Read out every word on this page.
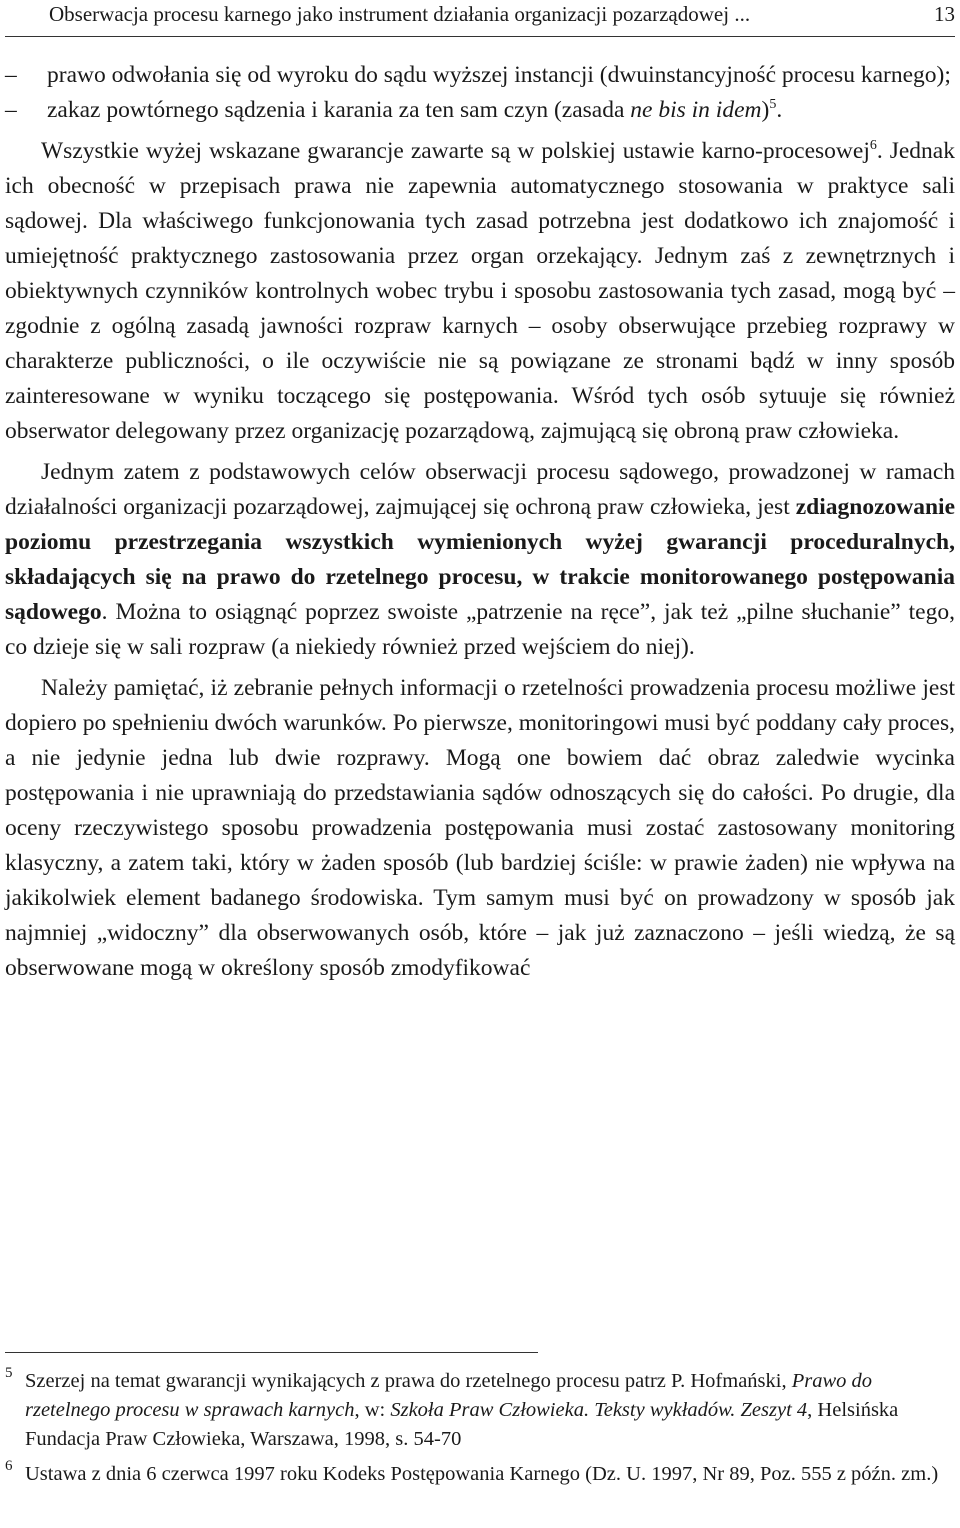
Obserwacja procesu karnego jako instrument działania organizacji pozarządowej ...	13

– prawo odwołania się od wyroku do sądu wyższej instancji (dwuinstancyjność procesu karnego);

– zakaz powtórnego sądzenia i karania za ten sam czyn (zasada ne bis in idem)$^5$.

Wszystkie wyżej wskazane gwarancje zawarte są w polskiej ustawie karno-procesowej$^6$. Jednak ich obecność w przepisach prawa nie zapewnia automatycznego stosowania w praktyce sali sądowej. Dla właściwego funkcjonowania tych zasad potrzebna jest dodatkowo ich znajomość i umiejętność praktycznego zastosowania przez organ orzekający. Jednym zaś z zewnętrznych i obiektywnych czynników kontrolnych wobec trybu i sposobu zastosowania tych zasad, mogą być – zgodnie z ogólną zasadą jawności rozpraw karnych – osoby obserwujące przebieg rozprawy w charakterze publiczności, o ile oczywiście nie są powiązane ze stronami bądź w inny sposób zainteresowane w wyniku toczącego się postępowania. Wśród tych osób sytuuje się również obserwator delegowany przez organizację pozarządową, zajmującą się obroną praw człowieka.

Jednym zatem z podstawowych celów obserwacji procesu sądowego, prowadzonej w ramach działalności organizacji pozarządowej, zajmującej się ochroną praw człowieka, jest zdiagnozowanie poziomu przestrzegania wszystkich wymienionych wyżej gwarancji proceduralnych, składających się na prawo do rzetelnego procesu, w trakcie monitorowanego postępowania sądowego. Można to osiągnąć poprzez swoiste „patrzenie na ręce”, jak też „pilne słuchanie” tego, co dzieje się w sali rozpraw (a niekiedy również przed wejściem do niej).

Należy pamiętać, iż zebranie pełnych informacji o rzetelności prowadzenia procesu możliwe jest dopiero po spełnieniu dwóch warunków. Po pierwsze, monitoringowi musi być poddany cały proces, a nie jedynie jedna lub dwie rozprawy. Mogą one bowiem dać obraz zaledwie wycinka postępowania i nie uprawniają do przedstawiania sądów odnoszących się do całości. Po drugie, dla oceny rzeczywistego sposobu prowadzenia postępowania musi zostać zastosowany monitoring klasyczny, a zatem taki, który w żaden sposób (lub bardziej ściśle: w prawie żaden) nie wpływa na jakikolwiek element badanego środowiska. Tym samym musi być on prowadzony w sposób jak najmniej „widoczny” dla obserwowanych osób, które – jak już zaznaczono – jeśli wiedzą, że są obserwowane mogą w określony sposób zmodyfikować

5 Szerzej na temat gwarancji wynikających z prawa do rzetelnego procesu patrz P. Hofmański, Prawo do rzetelnego procesu w sprawach karnych, w: Szkoła Praw Człowieka. Teksty wykładów. Zeszyt 4, Helsińska Fundacja Praw Człowieka, Warszawa, 1998, s. 54-70

6 Ustawa z dnia 6 czerwca 1997 roku Kodeks Postępowania Karnego (Dz. U. 1997, Nr 89, Poz. 555 z późn. zm.)
